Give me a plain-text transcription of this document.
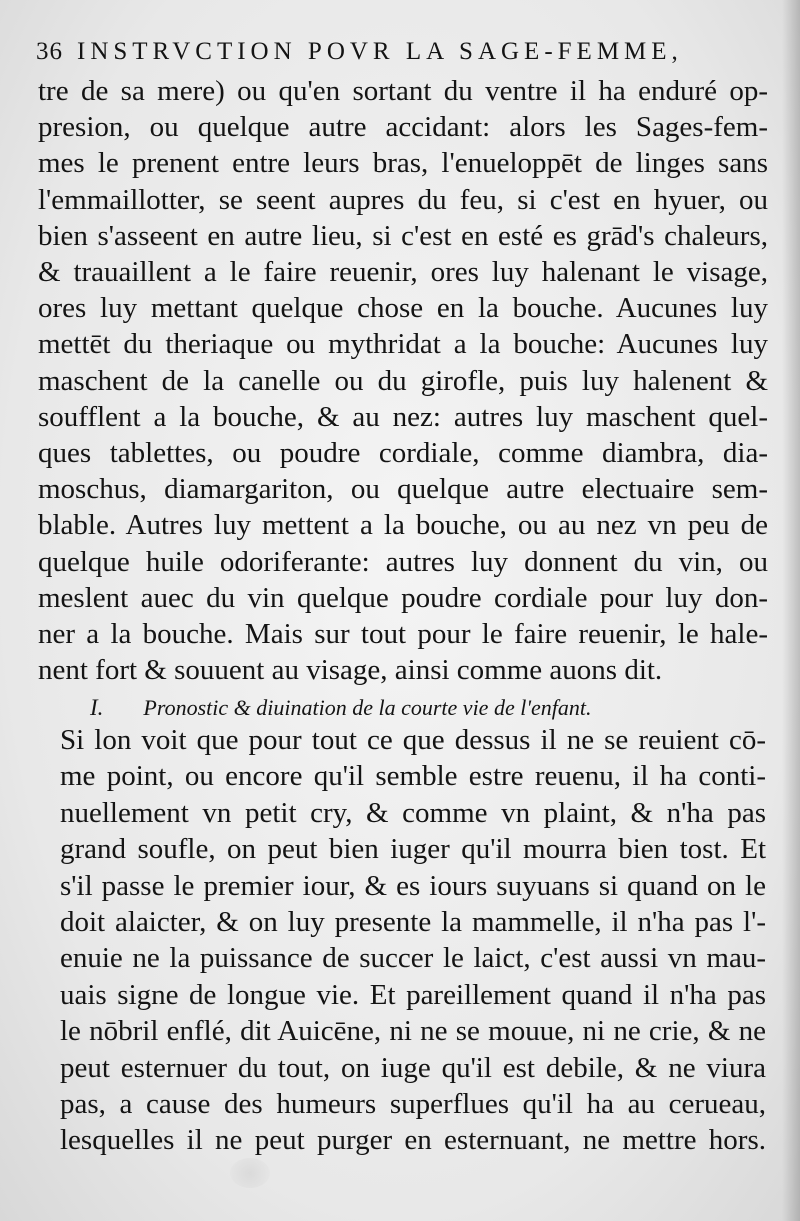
36 INSTRVCTION POVR LA SAGE-FEMME,
tre de sa mere) ou qu'en sortant du ventre il ha enduré op-
presion, ou quelque autre accidant: alors les Sages-fem-
mes le prenent entre leurs bras, l'enueloppēt de linges sans
l'emmaillotter, se seent aupres du feu, si c'est en hyuer, ou
bien s'asseent en autre lieu, si c'est en esté es grād's chaleurs,
& trauaillent a le faire reuenir, ores luy halenant le visage,
ores luy mettant quelque chose en la bouche. Aucunes luy
mettēt du theriaque ou mythridat a la bouche: Aucunes luy
maschent de la canelle ou du girofle, puis luy halenent &
soufflent a la bouche, & au nez: autres luy maschent quel-
ques tablettes, ou poudre cordiale, comme diambra, dia-
moschus, diamargariton, ou quelque autre electuaire sem-
blable. Autres luy mettent a la bouche, ou au nez vn peu de
quelque huile odoriferante: autres luy donnent du vin, ou
meslent auec du vin quelque poudre cordiale pour luy don-
ner a la bouche. Mais sur tout pour le faire reuenir, le hale-
nent fort & souuent au visage, ainsi comme auons dit.
I. Pronostic & diuination de la courte vie de l'enfant.
Si lon voit que pour tout ce que dessus il ne se reuient cō-
me point, ou encore qu'il semble estre reuenu, il ha conti-
nuellement vn petit cry, & comme vn plaint, & n'ha pas
grand soufle, on peut bien iuger qu'il mourra bien tost. Et
s'il passe le premier iour, & es iours suyuans si quand on le
doit alaicter, & on luy presente la mammelle, il n'ha pas l'-
enuie ne la puissance de succer le laict, c'est aussi vn mau-
uais signe de longue vie. Et pareillement quand il n'ha pas
le nōbril enflé, dit Auicēne, ni ne se mouue, ni ne crie, & ne
peut esternuer du tout, on iuge qu'il est debile, & ne viura
pas, a cause des humeurs superflues qu'il ha au cerueau,
lesquelles il ne peut purger en esternuant, ne mettre hors.
